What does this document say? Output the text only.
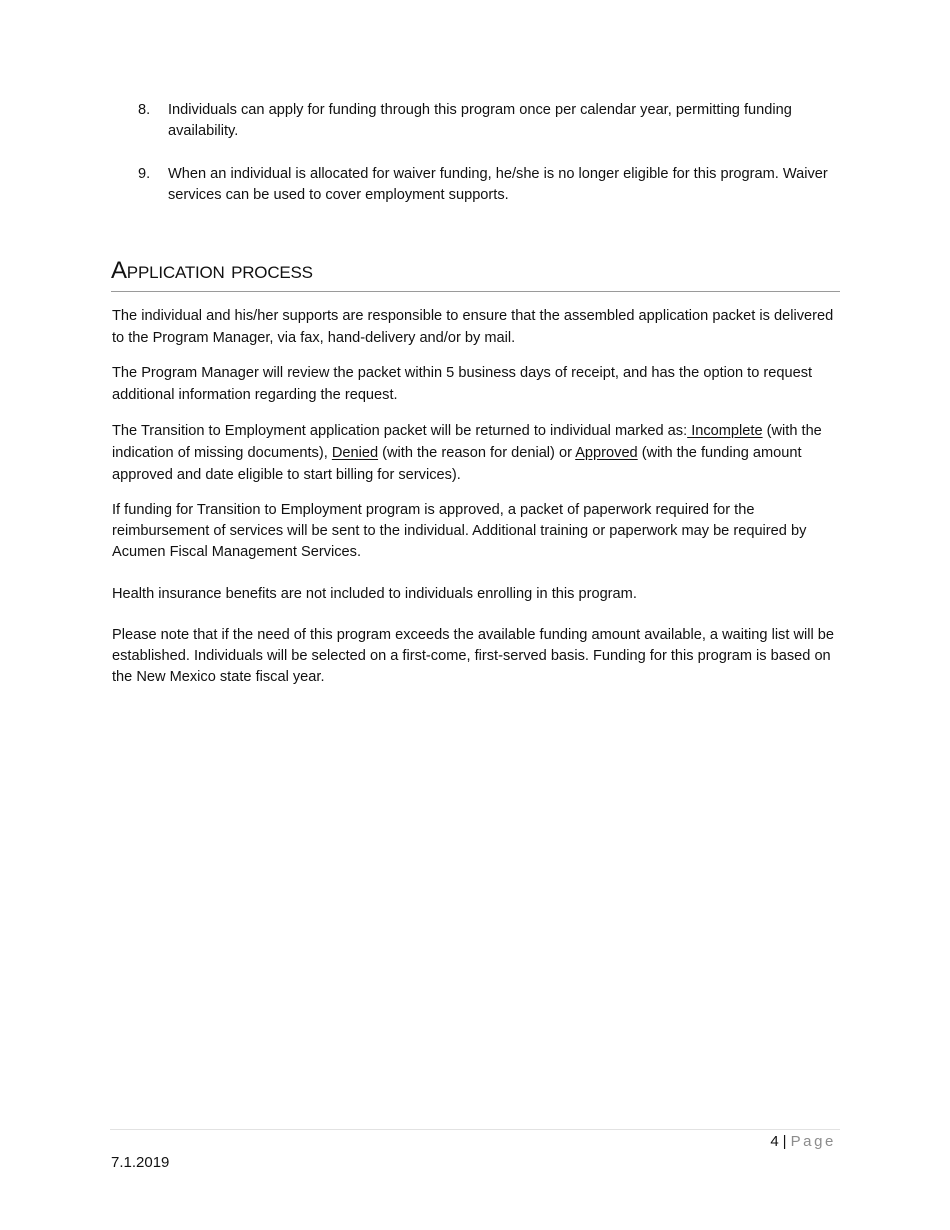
8.	Individuals can apply for funding through this program once per calendar year, permitting funding availability.
9.	When an individual is allocated for waiver funding, he/she is no longer eligible for this program. Waiver services can be used to cover employment supports.
Application process

The individual and his/her supports are responsible to ensure that the assembled application packet is delivered to the Program Manager, via fax, hand-delivery and/or by mail.

The Program Manager will review the packet within 5 business days of receipt, and has the option to request additional information regarding the request.

The Transition to Employment application packet will be returned to individual marked as: Incomplete (with the indication of missing documents), Denied (with the reason for denial) or Approved (with the funding amount approved and date eligible to start billing for services).

If funding for Transition to Employment program is approved, a packet of paperwork required for the reimbursement of services will be sent to the individual. Additional training or paperwork may be required by Acumen Fiscal Management Services.

Health insurance benefits are not included to individuals enrolling in this program.

Please note that if the need of this program exceeds the available funding amount available, a waiting list will be established. Individuals will be selected on a first-come, first-served basis. Funding for this program is based on the New Mexico state fiscal year.

4 | Page
7.1.2019
